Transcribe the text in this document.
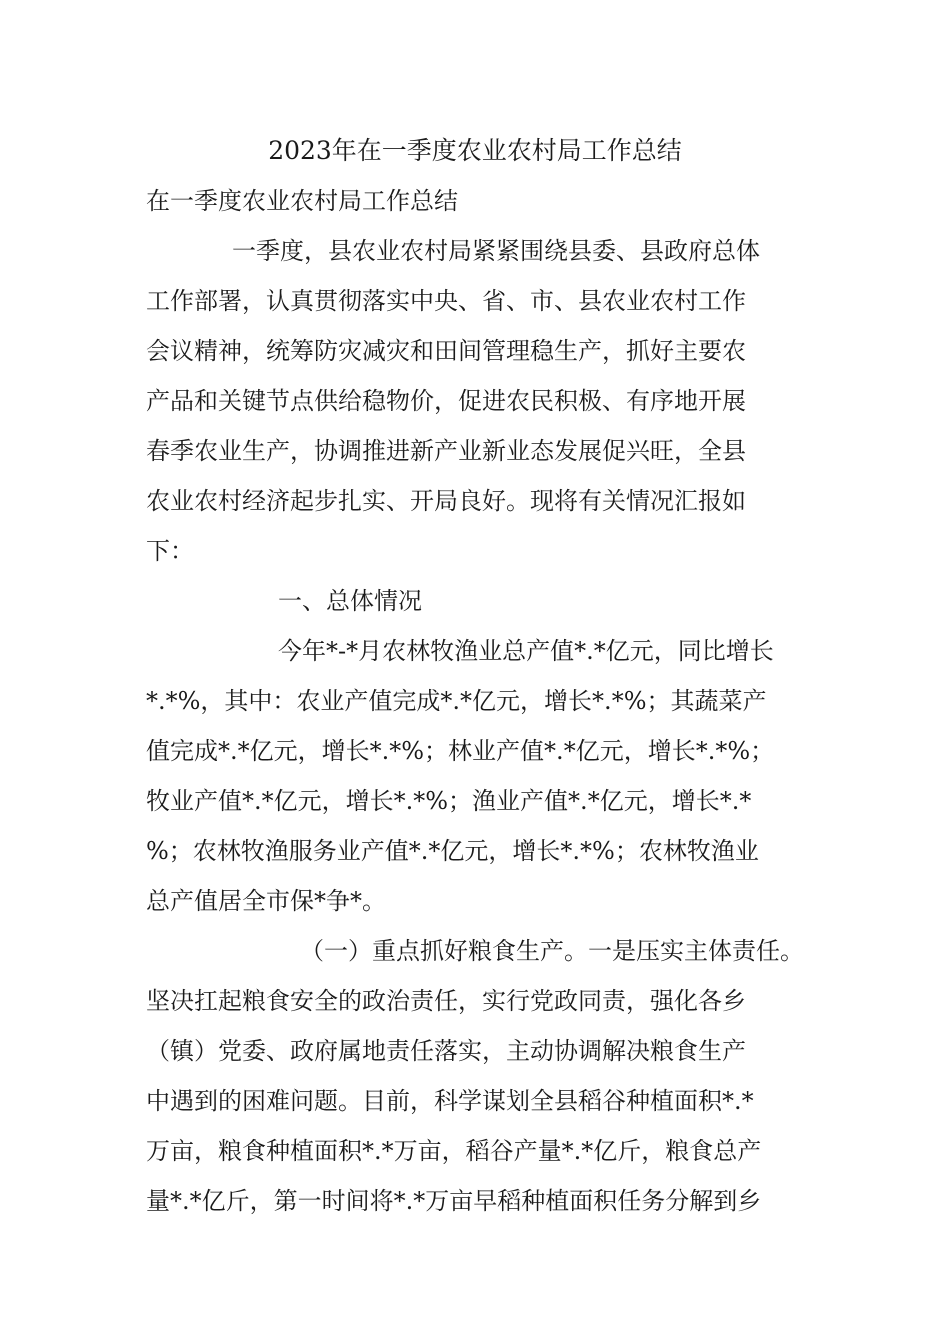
2023年在一季度农业农村局工作总结
在一季度农业农村局工作总结
一季度，县农业农村局紧紧围绕县委、县政府总体
工作部署，认真贯彻落实中央、省、市、县农业农村工作
会议精神，统筹防灾减灾和田间管理稳生产，抓好主要农
产品和关键节点供给稳物价，促进农民积极、有序地开展
春季农业生产，协调推进新产业新业态发展促兴旺，全县
农业农村经济起步扎实、开局良好。现将有关情况汇报如
下：
一、总体情况
今年*-*月农林牧渔业总产值*.*亿元，同比增长
*.*%，其中：农业产值完成*.*亿元，增长*.*%；其蔬菜产
值完成*.*亿元，增长*.*%；林业产值*.*亿元，增长*.*%；
牧业产值*.*亿元，增长*.*%；渔业产值*.*亿元，增长*.*
%；农林牧渔服务业产值*.*亿元，增长*.*%；农林牧渔业
总产值居全市保*争*。
（一）重点抓好粮食生产。一是压实主体责任。
坚决扛起粮食安全的政治责任，实行党政同责，强化各乡
（镇）党委、政府属地责任落实，主动协调解决粮食生产
中遇到的困难问题。目前，科学谋划全县稻谷种植面积*.*
万亩，粮食种植面积*.*万亩，稻谷产量*.*亿斤，粮食总产
量*.*亿斤，第一时间将*.*万亩早稻种植面积任务分解到乡
